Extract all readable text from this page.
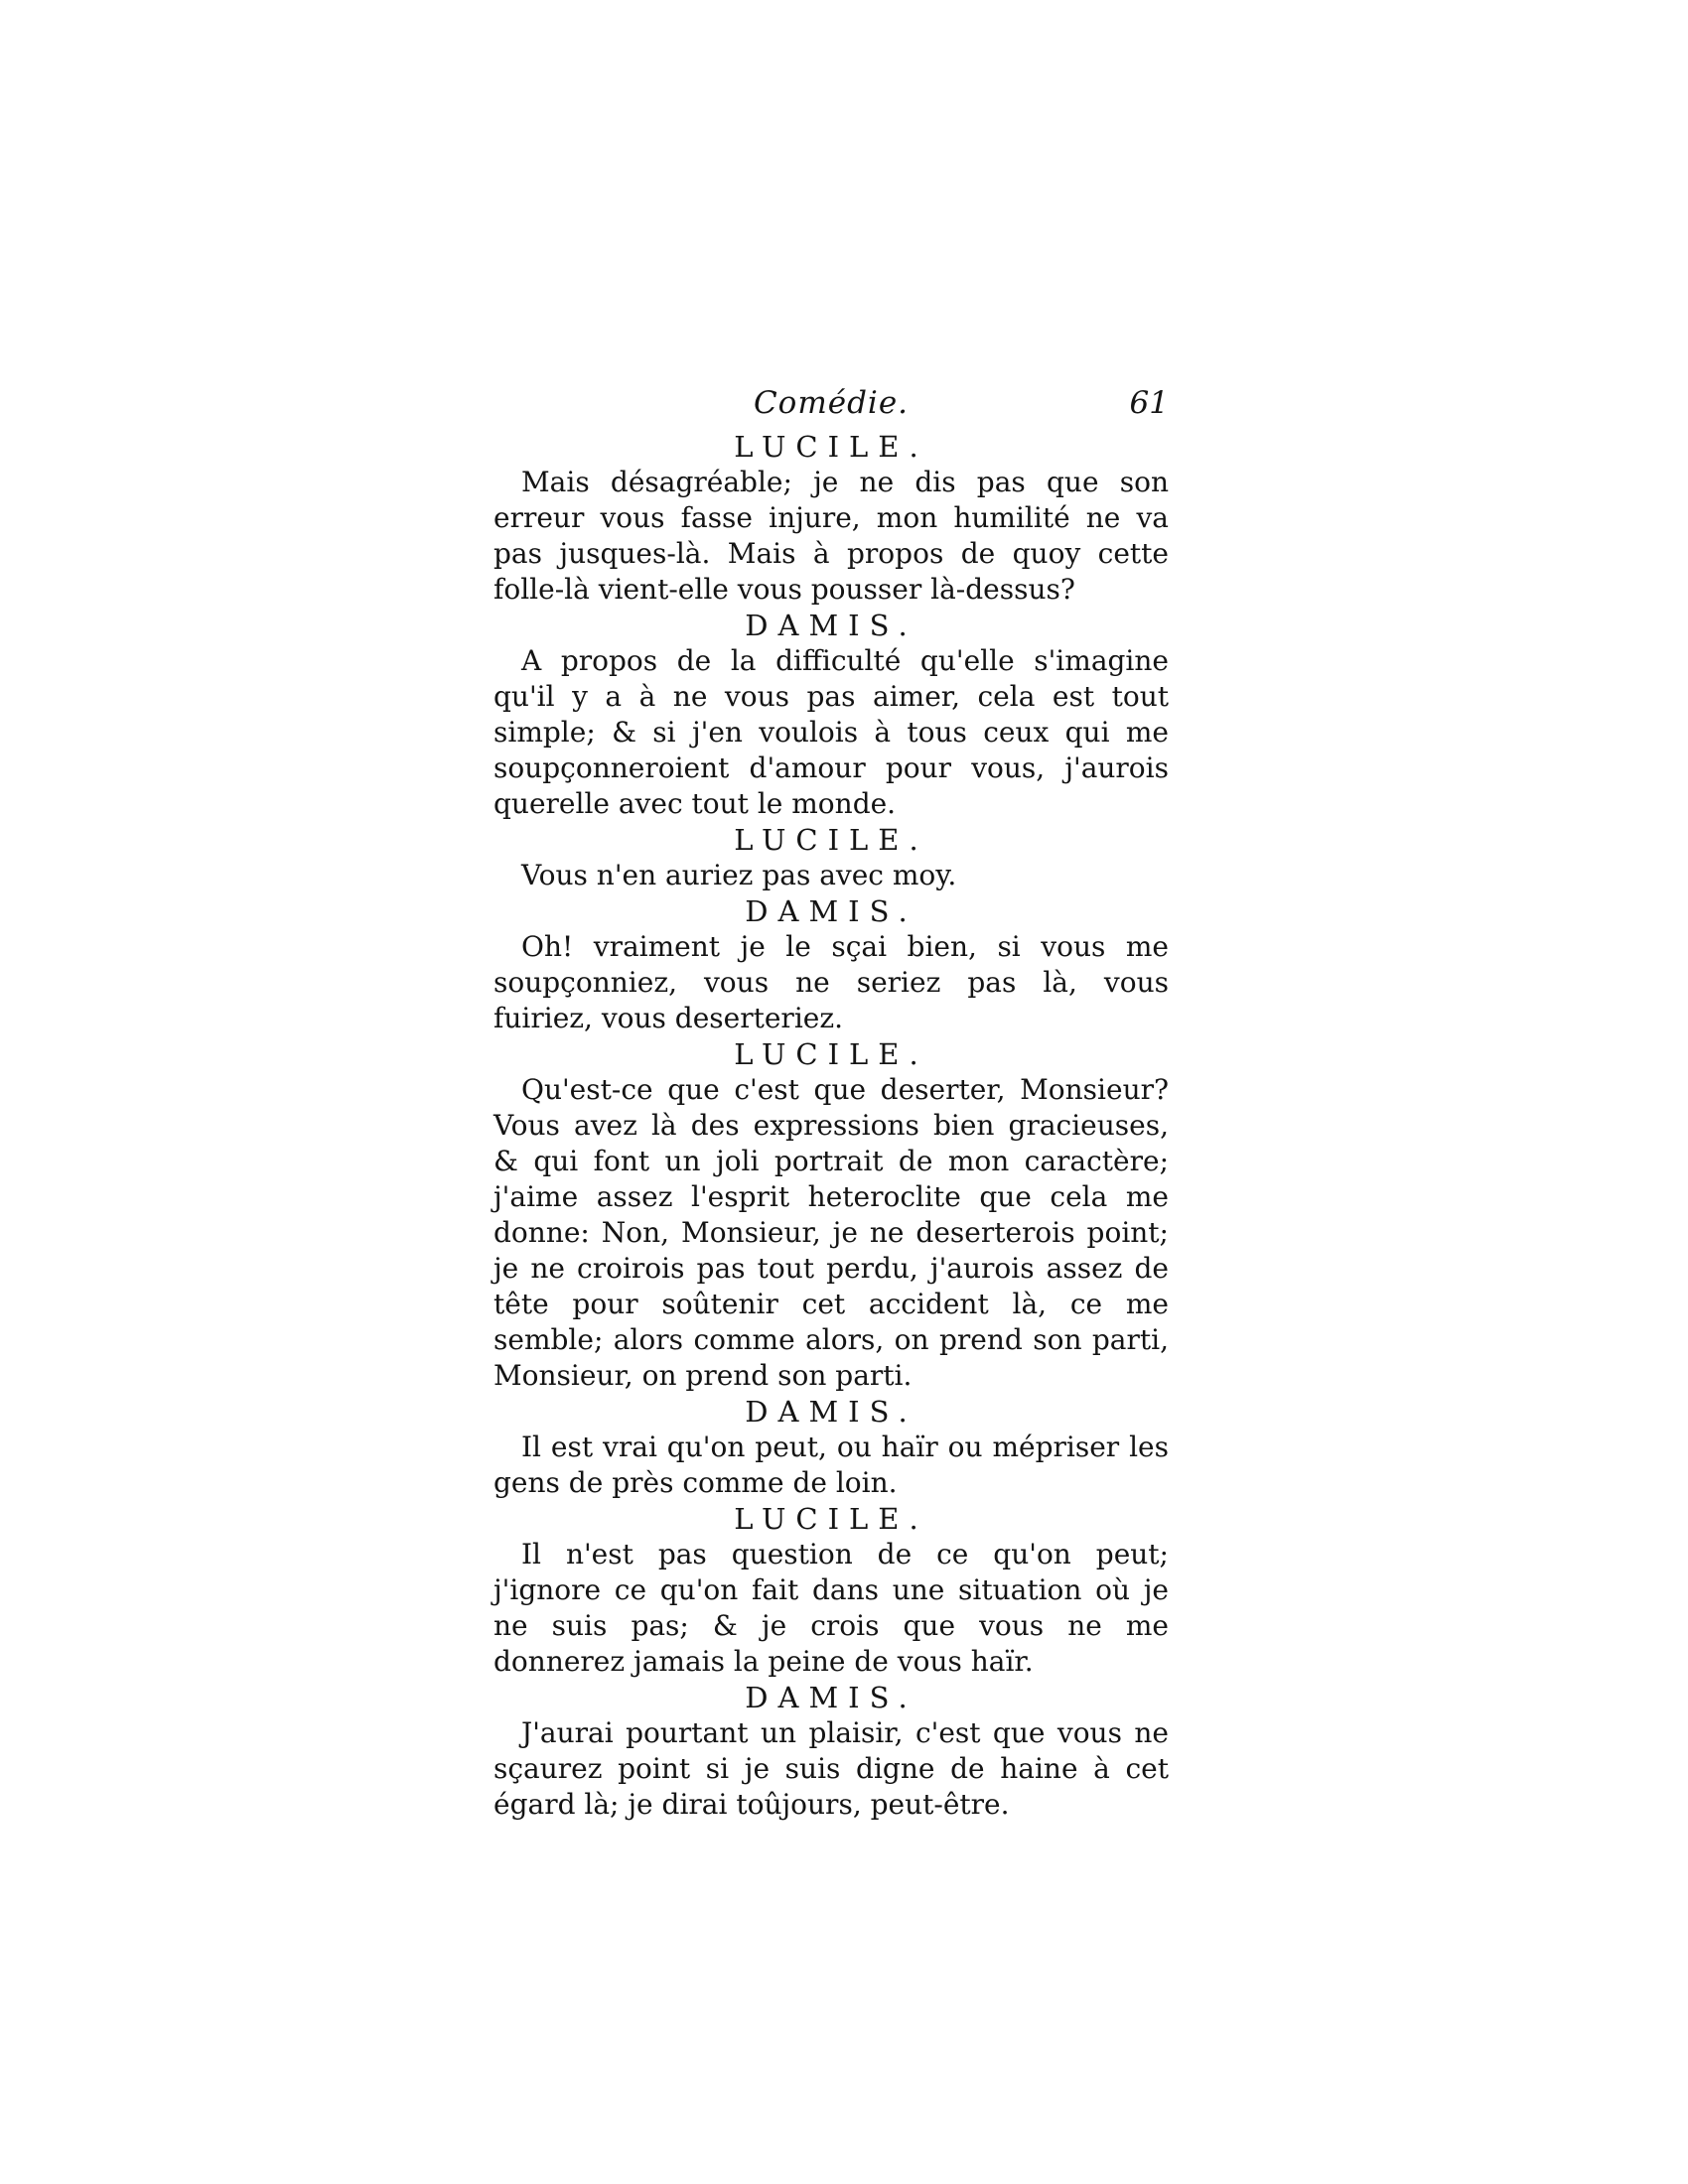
Comédie.	61
LUCILE.

Mais désagréable; je ne dis pas que son erreur vous fasse injure, mon humilité ne va pas jusques-là. Mais à propos de quoy cette folle-là vient-elle vous pousser là-dessus?

DAMIS.

A propos de la difficulté qu'elle s'imagine qu'il y a à ne vous pas aimer, cela est tout simple; & si j'en voulois à tous ceux qui me soupçonneroient d'amour pour vous, j'aurois querelle avec tout le monde.

LUCILE.

Vous n'en auriez pas avec moy.

DAMIS.

Oh! vraiment je le sçai bien, si vous me soupçonniez, vous ne seriez pas là, vous fuiriez, vous deserteriez.

LUCILE.

Qu'est-ce que c'est que deserter, Monsieur? Vous avez là des expressions bien gracieuses, & qui font un joli portrait de mon caractère; j'aime assez l'esprit heteroclite que cela me donne: Non, Monsieur, je ne deserterois point; je ne croirois pas tout perdu, j'aurois assez de tête pour soûtenir cet accident là, ce me semble; alors comme alors, on prend son parti, Monsieur, on prend son parti.

DAMIS.

Il est vrai qu'on peut, ou haïr ou mépriser les gens de près comme de loin.

LUCILE.

Il n'est pas question de ce qu'on peut; j'ignore ce qu'on fait dans une situation où je ne suis pas; & je crois que vous ne me donnerez jamais la peine de vous haïr.

DAMIS.

J'aurai pourtant un plaisir, c'est que vous ne sçaurez point si je suis digne de haine à cet égard là; je dirai toûjours, peut-être.
